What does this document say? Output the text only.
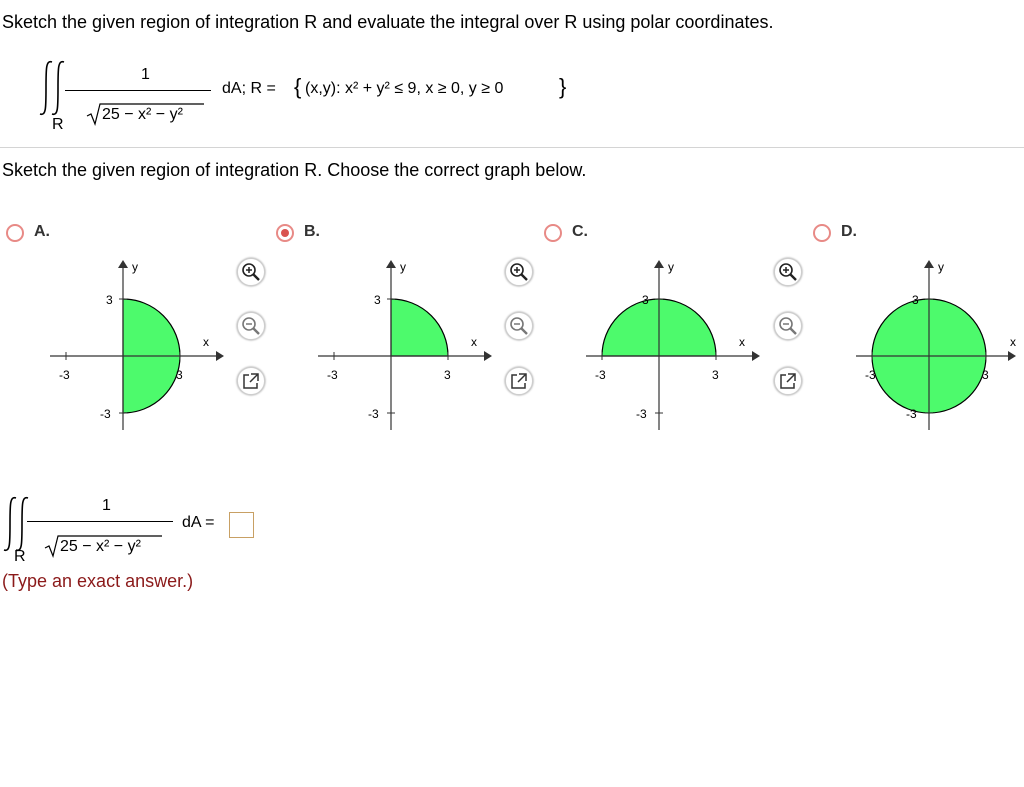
Sketch the given region of integration R and evaluate the integral over R using polar coordinates.
R
1
25 − x² − y²
dA; R = { (x,y): x² + y² ≤ 9, x ≥ 0, y ≥ 0	}
Sketch the given region of integration R. Choose the correct graph below.
A.	B.	C.	D.
y
x
3
-3
-3	3
y
x
3
-3
-3	3
y
x
3
-3
-3	3
y
x
3
-3
-3	3
R
1
25 − x² − y²
dA =
(Type an exact answer.)
